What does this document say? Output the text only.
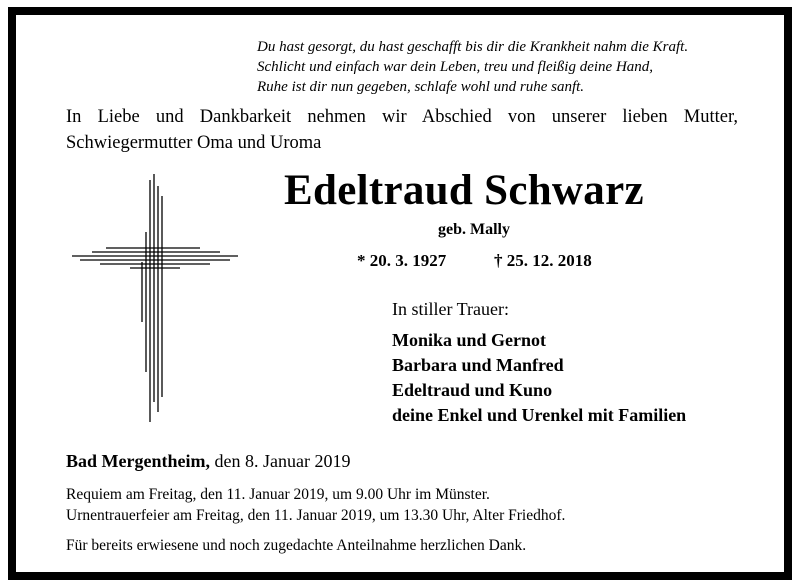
Du hast gesorgt, du hast geschafft bis dir die Krankheit nahm die Kraft.
Schlicht und einfach war dein Leben, treu und fleißig deine Hand,
Ruhe ist dir nun gegeben, schlafe wohl und ruhe sanft.
In Liebe und Dankbarkeit nehmen wir Abschied von unserer lieben Mutter,
Schwiegermutter Oma und Uroma
Edeltraud Schwarz
geb. Mally
* 20. 3. 1927	† 25. 12. 2018
In stiller Trauer:
Monika und Gernot
Barbara und Manfred
Edeltraud und Kuno
deine Enkel und Urenkel mit Familien
Bad Mergentheim, den 8. Januar 2019
Requiem am Freitag, den 11. Januar 2019, um 9.00 Uhr im Münster.
Urnentrauerfeier am Freitag, den 11. Januar 2019, um 13.30 Uhr, Alter Friedhof.
Für bereits erwiesene und noch zugedachte Anteilnahme herzlichen Dank.
